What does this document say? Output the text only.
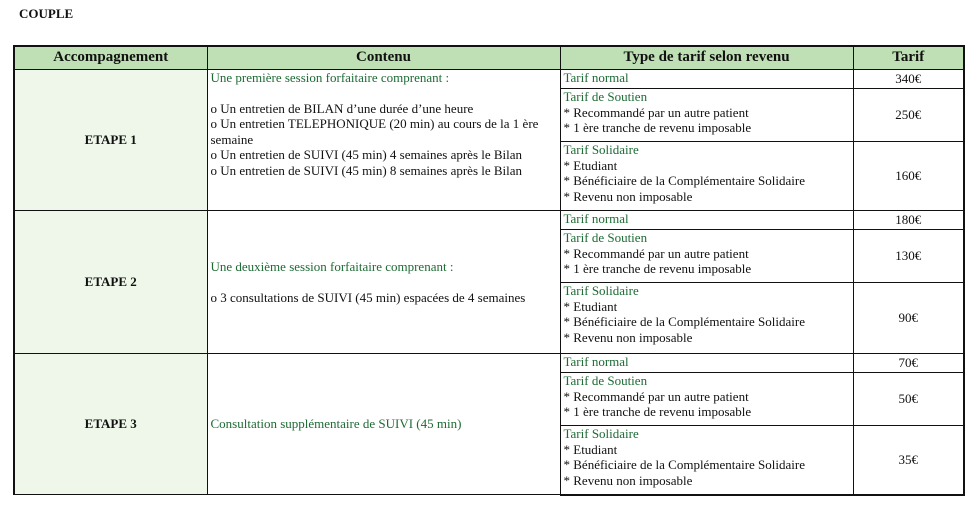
COUPLE
Accompagnement	Contenu	Type de tarif selon revenu	Tarif
ETAPE 1	Une première session forfaitaire comprenant :
o Un entretien de BILAN d’une durée d’une heure
o Un entretien TELEPHONIQUE (20 min) au cours de la 1 ère semaine
o Un entretien de SUIVI (45 min) 4 semaines après le Bilan
o Un entretien de SUIVI (45 min) 8 semaines après le Bilan	Tarif normal	340€

		Tarif de Soutien
* Recommandé par un autre patient
* 1 ère tranche de revenu imposable	250€

		Tarif Solidaire
* Etudiant
* Bénéficiaire de la Complémentaire Solidaire
* Revenu non imposable	160€
ETAPE 2	Une deuxième session forfaitaire comprenant :
o 3 consultations de SUIVI (45 min) espacées de 4 semaines	Tarif normal	180€

		Tarif de Soutien
* Recommandé par un autre patient
* 1 ère tranche de revenu imposable	130€

		Tarif Solidaire
* Etudiant
* Bénéficiaire de la Complémentaire Solidaire
* Revenu non imposable	90€
ETAPE 3	Consultation supplémentaire de SUIVI (45 min)	Tarif normal	70€

		Tarif de Soutien
* Recommandé par un autre patient
* 1 ère tranche de revenu imposable	50€

		Tarif Solidaire
* Etudiant
* Bénéficiaire de la Complémentaire Solidaire
* Revenu non imposable	35€
